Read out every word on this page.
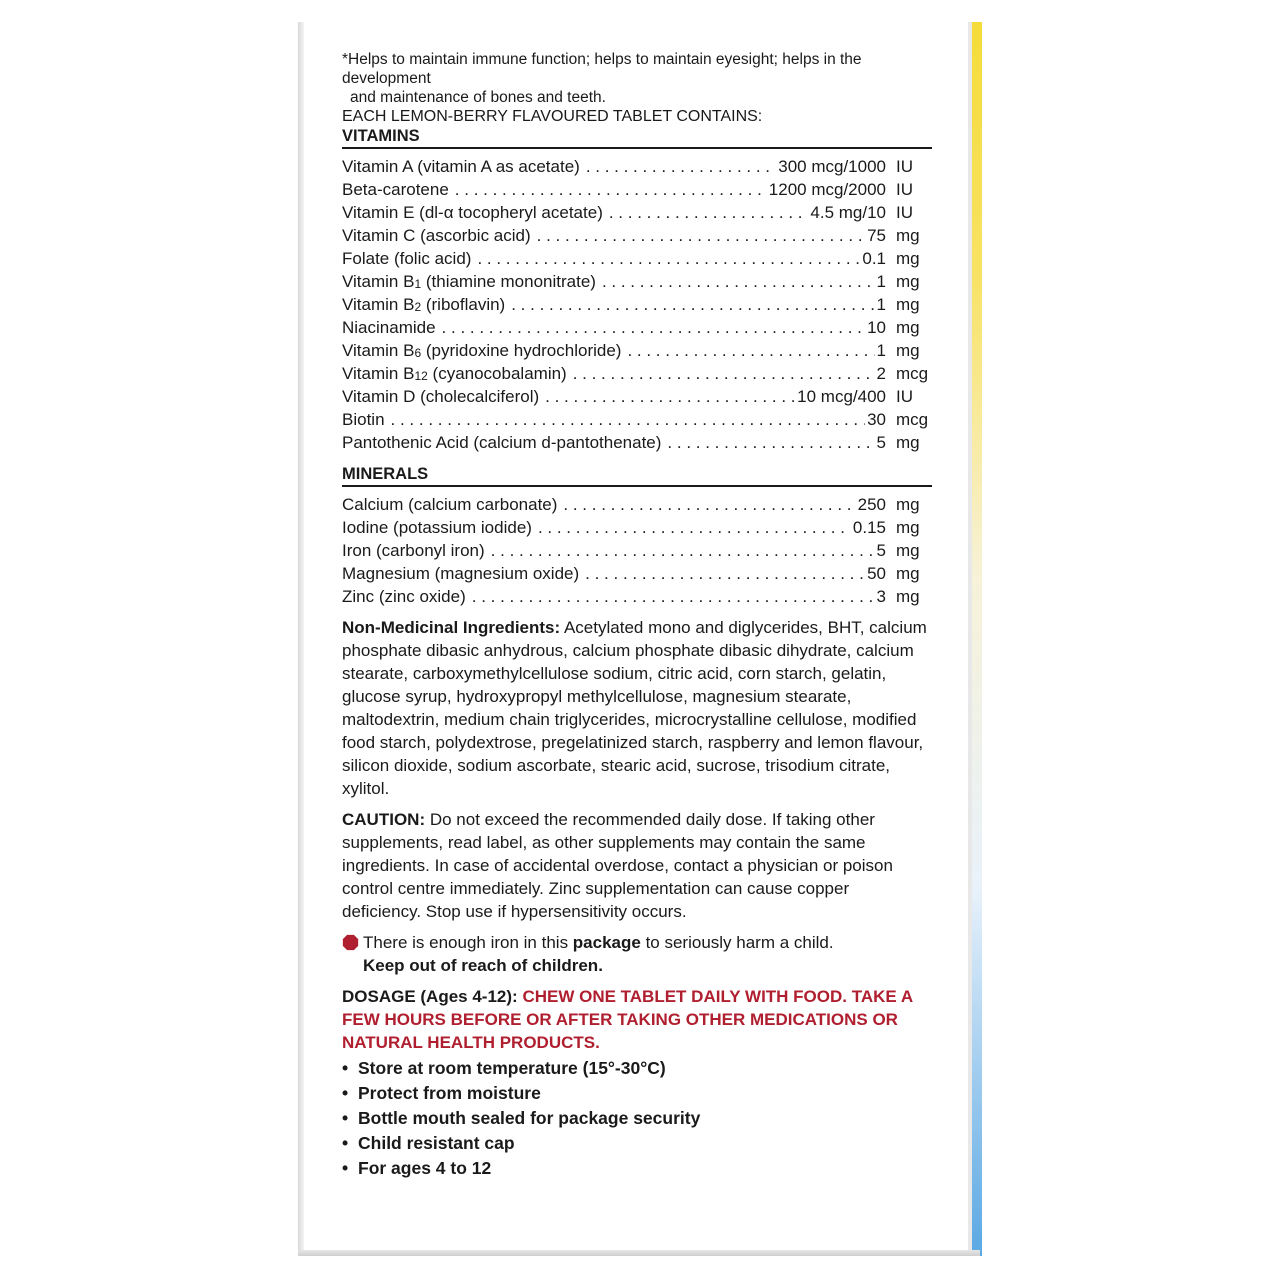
*Helps to maintain immune function; helps to maintain eyesight; helps in the development
and maintenance of bones and teeth.
EACH LEMON-BERRY FLAVOURED TABLET CONTAINS:
VITAMINS
Vitamin A (vitamin A as acetate) . . .	300 mcg/1000 IU
Beta-carotene . . .	1200 mcg/2000 IU
Vitamin E (dl-α tocopheryl acetate) . . .	4.5 mg/10 IU
Vitamin C (ascorbic acid) . . .	75 mg
Folate (folic acid) . . .	0.1 mg
Vitamin $B_1$ (thiamine mononitrate) . . .	1 mg
Vitamin $B_2$ (riboflavin) . . .	1 mg
Niacinamide . . .	10 mg
Vitamin $B_6$ (pyridoxine hydrochloride) . . .	1 mg
Vitamin $B_{12}$ (cyanocobalamin) . . .	2 mcg
Vitamin D (cholecalciferol) . . .	10 mcg/400 IU
Biotin . . .	30 mcg
Pantothenic Acid (calcium d-pantothenate) . . .	5 mg
MINERALS
Calcium (calcium carbonate) . . .	250 mg
Iodine (potassium iodide) . . .	0.15 mg
Iron (carbonyl iron) . . .	5 mg
Magnesium (magnesium oxide) . . .	50 mg
Zinc (zinc oxide) . . .	3 mg
Non-Medicinal Ingredients: Acetylated mono and diglycerides, BHT, calcium phosphate dibasic anhydrous, calcium phosphate dibasic dihydrate, calcium stearate, carboxymethylcellulose sodium, citric acid, corn starch, gelatin, glucose syrup, hydroxypropyl methylcellulose, magnesium stearate, maltodextrin, medium chain triglycerides, microcrystalline cellulose, modified food starch, polydextrose, pregelatinized starch, raspberry and lemon flavour, silicon dioxide, sodium ascorbate, stearic acid, sucrose, trisodium citrate, xylitol.
CAUTION: Do not exceed the recommended daily dose. If taking other supplements, read label, as other supplements may contain the same ingredients. In case of accidental overdose, contact a physician or poison control centre immediately. Zinc supplementation can cause copper deficiency. Stop use if hypersensitivity occurs.
There is enough iron in this package to seriously harm a child.
Keep out of reach of children.
DOSAGE (Ages 4-12): CHEW ONE TABLET DAILY WITH FOOD. TAKE A FEW HOURS BEFORE OR AFTER TAKING OTHER MEDICATIONS OR NATURAL HEALTH PRODUCTS.
• Store at room temperature (15°-30°C)
• Protect from moisture
• Bottle mouth sealed for package security
• Child resistant cap
• For ages 4 to 12
